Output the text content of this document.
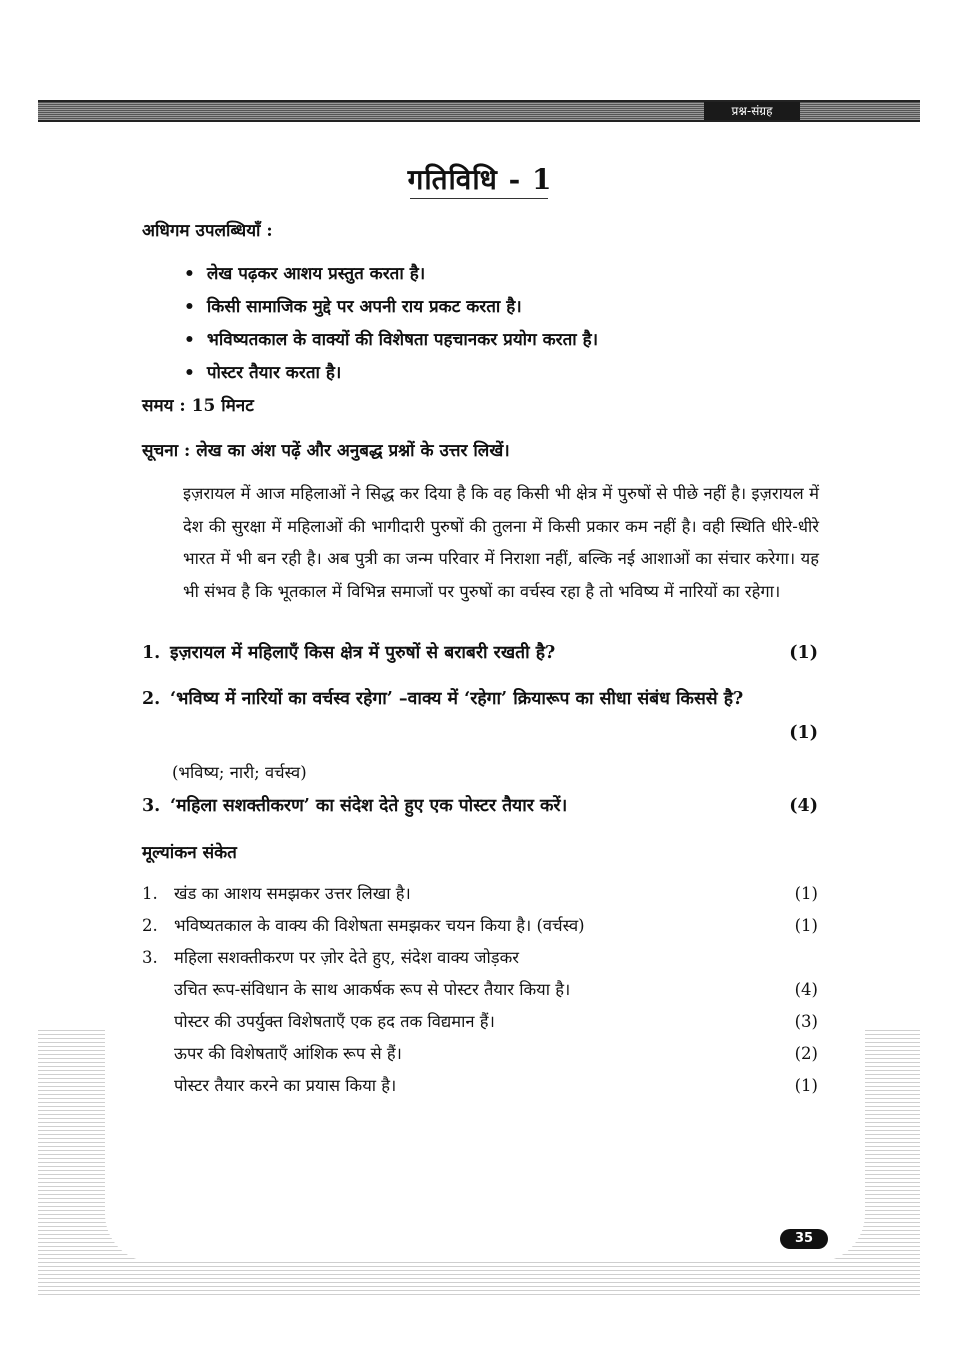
प्रश्न-संग्रह
35
गतिविधि - 1
अधिगम उपलब्धियाँ :
• लेख पढ़कर आशय प्रस्तुत करता है।
• किसी सामाजिक मुद्दे पर अपनी राय प्रकट करता है।
• भविष्यतकाल के वाक्यों की विशेषता पहचानकर प्रयोग करता है।
• पोस्टर तैयार करता है।
समय : 15 मिनट
सूचना : लेख का अंश पढ़ें और अनुबद्ध प्रश्नों के उत्तर लिखें।
इज़रायल में आज महिलाओं ने सिद्ध कर दिया है कि वह किसी भी क्षेत्र में पुरुषों से पीछे नहीं है। इज़रायल में देश की सुरक्षा में महिलाओं की भागीदारी पुरुषों की तुलना में किसी प्रकार कम नहीं है। वही स्थिति धीरे-धीरे भारत में भी बन रही है। अब पुत्री का जन्म परिवार में निराशा नहीं, बल्कि नई आशाओं का संचार करेगा। यह भी संभव है कि भूतकाल में विभिन्न समाजों पर पुरुषों का वर्चस्व रहा है तो भविष्य में नारियों का रहेगा।
1. इज़रायल में महिलाएँ किस क्षेत्र में पुरुषों से बराबरी रखती है?	(1)
2. ‘भविष्य में नारियों का वर्चस्व रहेगा’ –वाक्य में ‘रहेगा’ क्रियारूप का सीधा संबंध किससे है?
(1)
(भविष्य; नारी; वर्चस्व)
3. ‘महिला सशक्तीकरण’ का संदेश देते हुए एक पोस्टर तैयार करें।	(4)
मूल्यांकन संकेत
1. खंड का आशय समझकर उत्तर लिखा है।	(1)
2. भविष्यतकाल के वाक्य की विशेषता समझकर चयन किया है। (वर्चस्व)	(1)
3. महिला सशक्तीकरण पर ज़ोर देते हुए, संदेश वाक्य जोड़कर
उचित रूप-संविधान के साथ आकर्षक रूप से पोस्टर तैयार किया है।	(4)
पोस्टर की उपर्युक्त विशेषताएँ एक हद तक विद्यमान हैं।	(3)
ऊपर की विशेषताएँ आंशिक रूप से हैं।	(2)
पोस्टर तैयार करने का प्रयास किया है।	(1)
